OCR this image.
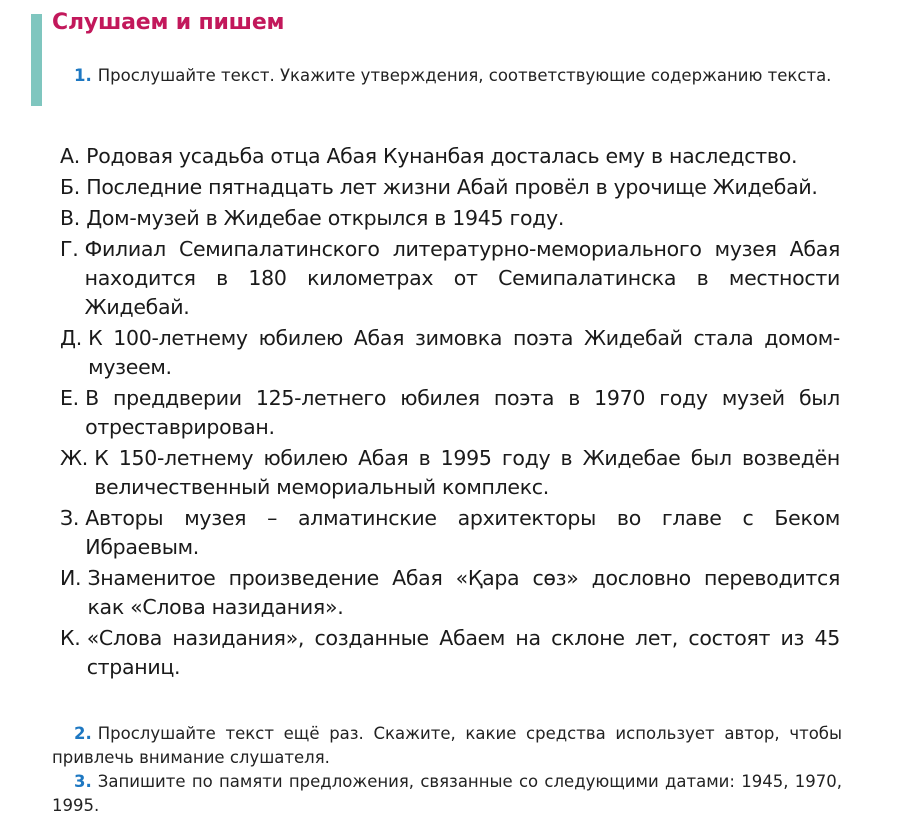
Слушаем и пишем
1. Прослушайте текст. Укажите утверждения, соответствующие содержанию текста.
А. Родовая усадьба отца Абая Кунанбая досталась ему в наследство.
Б. Последние пятнадцать лет жизни Абай провёл в урочище Жидебай.
В. Дом-музей в Жидебае открылся в 1945 году.
Г. Филиал Семипалатинского литературно-мемориального музея Абая находится в 180 километрах от Семипалатинска в местности Жидебай.
Д. К 100-летнему юбилею Абая зимовка поэта Жидебай стала домом-музеем.
Е. В преддверии 125-летнего юбилея поэта в 1970 году музей был отреставрирован.
Ж. К 150-летнему юбилею Абая в 1995 году в Жидебае был возведён величественный мемориальный комплекс.
З. Авторы музея – алматинские архитекторы во главе с Беком Ибраевым.
И. Знаменитое произведение Абая «Қара сөз» дословно переводится как «Слова назидания».
К. «Слова назидания», созданные Абаем на склоне лет, состоят из 45 страниц.
2. Прослушайте текст ещё раз. Скажите, какие средства использует автор, чтобы привлечь внимание слушателя.
3. Запишите по памяти предложения, связанные со следующими датами: 1945, 1970, 1995.
